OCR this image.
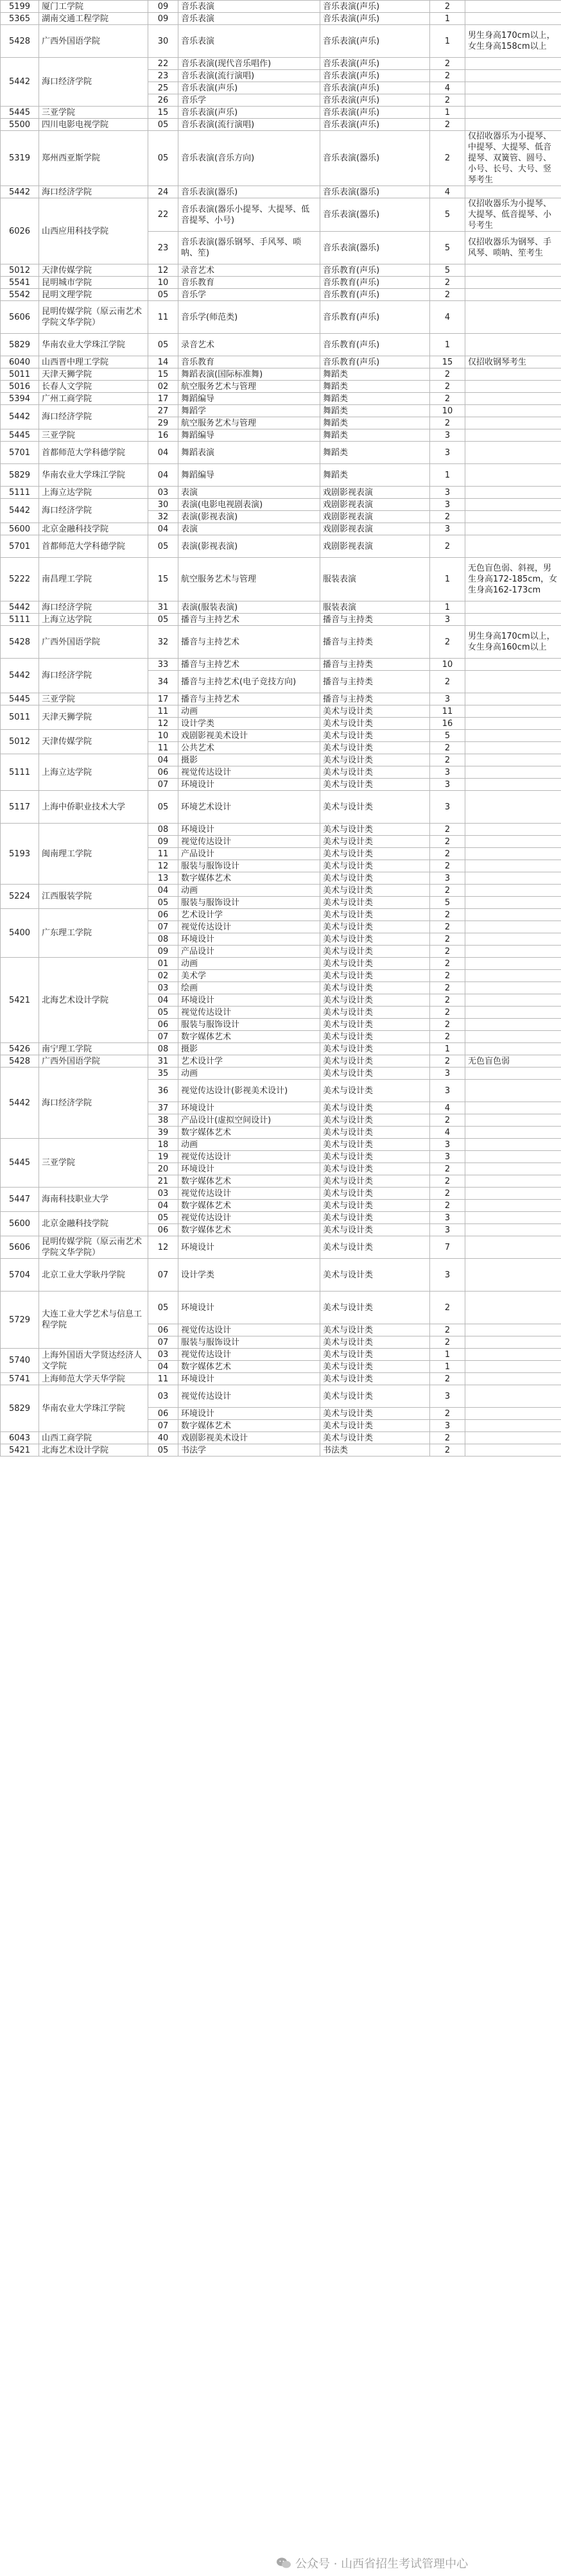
5199	厦门工学院	09	音乐表演	音乐表演(声乐)	2	
5365	湖南交通工程学院	09	音乐表演	音乐表演(声乐)	1	
5428	广西外国语学院	30	音乐表演	音乐表演(声乐)	1	男生身高170cm以上，女生身高158cm以上
5442	海口经济学院	22	音乐表演(现代音乐唱作)	音乐表演(声乐)	2	
		23	音乐表演(流行演唱)	音乐表演(声乐)	2	
		25	音乐表演(声乐)	音乐表演(声乐)	4	
		26	音乐学	音乐表演(声乐)	2	
5445	三亚学院	15	音乐表演(声乐)	音乐表演(声乐)	1	
5500	四川电影电视学院	05	音乐表演(流行演唱)	音乐表演(声乐)	2	
5319	郑州西亚斯学院	05	音乐表演(音乐方向)	音乐表演(器乐)	2	仅招收器乐为小提琴、中提琴、大提琴、低音提琴、双簧管、圆号、小号、长号、大号、竖琴考生
5442	海口经济学院	24	音乐表演(器乐)	音乐表演(器乐)	4	
6026	山西应用科技学院	22	音乐表演(器乐小提琴、大提琴、低音提琴、小号)	音乐表演(器乐)	5	仅招收器乐为小提琴、大提琴、低音提琴、小号考生
		23	音乐表演(器乐钢琴、手风琴、唢呐、笙)	音乐表演(器乐)	5	仅招收器乐为钢琴、手风琴、唢呐、笙考生
5012	天津传媒学院	12	录音艺术	音乐教育(声乐)	5	
5541	昆明城市学院	10	音乐教育	音乐教育(声乐)	2	
5542	昆明文理学院	05	音乐学	音乐教育(声乐)	2	
5606	昆明传媒学院（原云南艺术学院文华学院）	11	音乐学(师范类)	音乐教育(声乐)	4	
5829	华南农业大学珠江学院	05	录音艺术	音乐教育(声乐)	1	
6040	山西晋中理工学院	14	音乐教育	音乐教育(声乐)	15	仅招收钢琴考生
5011	天津天狮学院	15	舞蹈表演(国际标准舞)	舞蹈类	2	
5016	长春人文学院	02	航空服务艺术与管理	舞蹈类	2	
5394	广州工商学院	17	舞蹈编导	舞蹈类	2	
5442	海口经济学院	27	舞蹈学	舞蹈类	10	
		29	航空服务艺术与管理	舞蹈类	2	
5445	三亚学院	16	舞蹈编导	舞蹈类	3	
5701	首都师范大学科德学院	04	舞蹈表演	舞蹈类	3	
5829	华南农业大学珠江学院	04	舞蹈编导	舞蹈类	1	
5111	上海立达学院	03	表演	戏剧影视表演	3	
5442	海口经济学院	30	表演(电影电视剧表演)	戏剧影视表演	3	
		32	表演(影视表演)	戏剧影视表演	2	
5600	北京金融科技学院	04	表演	戏剧影视表演	3	
5701	首都师范大学科德学院	05	表演(影视表演)	戏剧影视表演	2	
5222	南昌理工学院	15	航空服务艺术与管理	服装表演	1	无色盲色弱、斜视，男生身高172-185cm，女生身高162-173cm
5442	海口经济学院	31	表演(服装表演)	服装表演	1	
5111	上海立达学院	05	播音与主持艺术	播音与主持类	3	
5428	广西外国语学院	32	播音与主持艺术	播音与主持类	2	男生身高170cm以上，女生身高160cm以上
5442	海口经济学院	33	播音与主持艺术	播音与主持类	10	
		34	播音与主持艺术(电子竞技方向)	播音与主持类	2	
5445	三亚学院	17	播音与主持艺术	播音与主持类	3	
5011	天津天狮学院	11	动画	美术与设计类	11	
		12	设计学类	美术与设计类	16	
5012	天津传媒学院	10	戏剧影视美术设计	美术与设计类	5	
		11	公共艺术	美术与设计类	2	
5111	上海立达学院	04	摄影	美术与设计类	2	
		06	视觉传达设计	美术与设计类	3	
		07	环境设计	美术与设计类	3	
5117	上海中侨职业技术大学	05	环境艺术设计	美术与设计类	3	
5193	闽南理工学院	08	环境设计	美术与设计类	2	
		09	视觉传达设计	美术与设计类	2	
		11	产品设计	美术与设计类	2	
		12	服装与服饰设计	美术与设计类	2	
		13	数字媒体艺术	美术与设计类	3	
5224	江西服装学院	04	动画	美术与设计类	2	
		05	服装与服饰设计	美术与设计类	5	
5400	广东理工学院	06	艺术设计学	美术与设计类	2	
		07	视觉传达设计	美术与设计类	2	
		08	环境设计	美术与设计类	2	
		09	产品设计	美术与设计类	2	
5421	北海艺术设计学院	01	动画	美术与设计类	2	
		02	美术学	美术与设计类	2	
		03	绘画	美术与设计类	2	
		04	环境设计	美术与设计类	2	
		05	视觉传达设计	美术与设计类	2	
		06	服装与服饰设计	美术与设计类	2	
		07	数字媒体艺术	美术与设计类	2	
5426	南宁理工学院	08	摄影	美术与设计类	1	
5428	广西外国语学院	31	艺术设计学	美术与设计类	2	无色盲色弱
5442	海口经济学院	35	动画	美术与设计类	3	
		36	视觉传达设计(影视美术设计)	美术与设计类	3	
		37	环境设计	美术与设计类	4	
		38	产品设计(虚拟空间设计)	美术与设计类	2	
		39	数字媒体艺术	美术与设计类	4	
5445	三亚学院	18	动画	美术与设计类	3	
		19	视觉传达设计	美术与设计类	3	
		20	环境设计	美术与设计类	2	
		21	数字媒体艺术	美术与设计类	2	
5447	海南科技职业大学	03	视觉传达设计	美术与设计类	2	
		04	数字媒体艺术	美术与设计类	2	
5600	北京金融科技学院	05	视觉传达设计	美术与设计类	3	
		06	数字媒体艺术	美术与设计类	3	
5606	昆明传媒学院（原云南艺术学院文华学院）	12	环境设计	美术与设计类	7	
5704	北京工业大学耿丹学院	07	设计学类	美术与设计类	3	
5729	大连工业大学艺术与信息工程学院	05	环境设计	美术与设计类	2	
		06	视觉传达设计	美术与设计类	2	
		07	服装与服饰设计	美术与设计类	2	
5740	上海外国语大学贤达经济人文学院	03	视觉传达设计	美术与设计类	1	
		04	数字媒体艺术	美术与设计类	1	
5741	上海师范大学天华学院	11	环境设计	美术与设计类	2	
5829	华南农业大学珠江学院	03	视觉传达设计	美术与设计类	3	
		06	环境设计	美术与设计类	2	
		07	数字媒体艺术	美术与设计类	3	
6043	山西工商学院	40	戏剧影视美术设计	美术与设计类	2	
5421	北海艺术设计学院	05	书法学	书法类	2	
公众号 · 山西省招生考试管理中心
